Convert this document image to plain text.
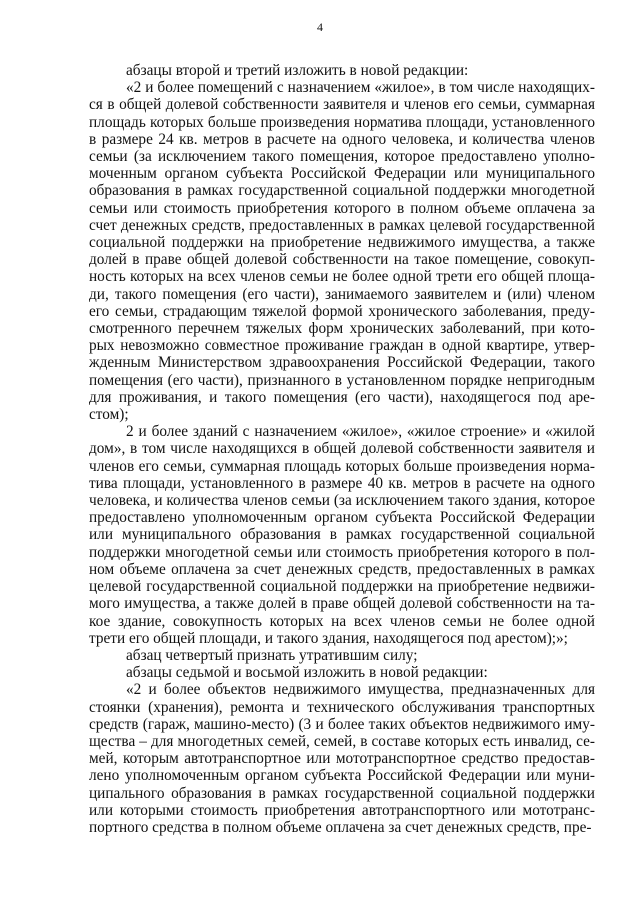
4

абзацы второй и третий изложить в новой редакции:

«2 и более помещений с назначением «жилое», в том числе находящихся в общей долевой собственности заявителя и членов его семьи, суммарная площадь которых больше произведения норматива площади, установленного в размере 24 кв. метров в расчете на одного человека, и количества членов семьи (за исключением такого помещения, которое предоставлено уполномоченным органом субъекта Российской Федерации или муниципального образования в рамках государственной социальной поддержки многодетной семьи или стоимость приобретения которого в полном объеме оплачена за счет денежных средств, предоставленных в рамках целевой государственной социальной поддержки на приобретение недвижимого имущества, а также долей в праве общей долевой собственности на такое помещение, совокупность которых на всех членов семьи не более одной трети его общей площади, такого помещения (его части), занимаемого заявителем и (или) членом его семьи, страдающим тяжелой формой хронического заболевания, предусмотренного перечнем тяжелых форм хронических заболеваний, при которых невозможно совместное проживание граждан в одной квартире, утвержденным Министерством здравоохранения Российской Федерации, такого помещения (его части), признанного в установленном порядке непригодным для проживания, и такого помещения (его части), находящегося под арестом);

2 и более зданий с назначением «жилое», «жилое строение» и «жилой дом», в том числе находящихся в общей долевой собственности заявителя и членов его семьи, суммарная площадь которых больше произведения норматива площади, установленного в размере 40 кв. метров в расчете на одного человека, и количества членов семьи (за исключением такого здания, которое предоставлено уполномоченным органом субъекта Российской Федерации или муниципального образования в рамках государственной социальной поддержки многодетной семьи или стоимость приобретения которого в полном объеме оплачена за счет денежных средств, предоставленных в рамках целевой государственной социальной поддержки на приобретение недвижимого имущества, а также долей в праве общей долевой собственности на такое здание, совокупность которых на всех членов семьи не более одной трети его общей площади, и такого здания, находящегося под арестом);»;

абзац четвертый признать утратившим силу;

абзацы седьмой и восьмой изложить в новой редакции:

«2 и более объектов недвижимого имущества, предназначенных для стоянки (хранения), ремонта и технического обслуживания транспортных средств (гараж, машино-место) (3 и более таких объектов недвижимого имущества – для многодетных семей, семей, в составе которых есть инвалид, семей, которым автотранспортное или мототранспортное средство предоставлено уполномоченным органом субъекта Российской Федерации или муниципального образования в рамках государственной социальной поддержки или которыми стоимость приобретения автотранспортного или мототранспортного средства в полном объеме оплачена за счет денежных средств, пре-
